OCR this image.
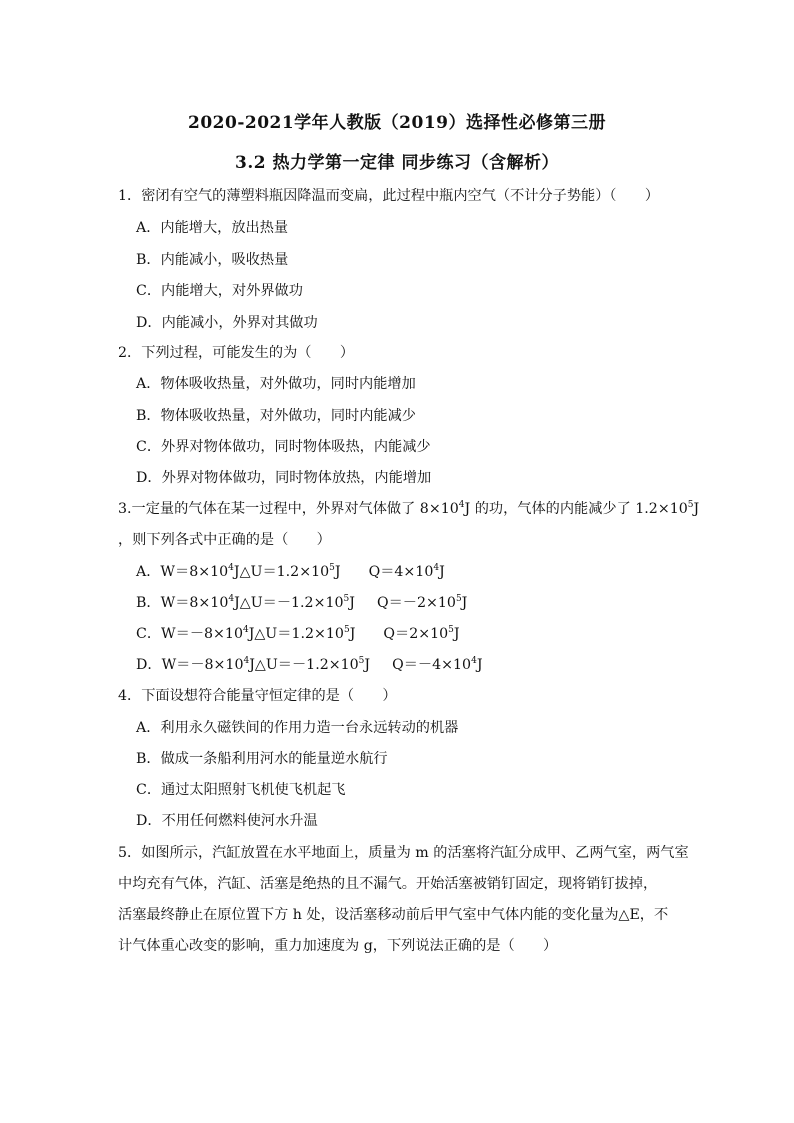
2020-2021学年人教版（2019）选择性必修第三册
3.2 热力学第一定律 同步练习（含解析）
1．密闭有空气的薄塑料瓶因降温而变扁，此过程中瓶内空气（不计分子势能）（　　）
A．内能增大，放出热量
B．内能减小，吸收热量
C．内能增大，对外界做功
D．内能减小，外界对其做功
2．下列过程，可能发生的为（　　）
A．物体吸收热量，对外做功，同时内能增加
B．物体吸收热量，对外做功，同时内能减少
C．外界对物体做功，同时物体吸热，内能减少
D．外界对物体做功，同时物体放热，内能增加
3.一定量的气体在某一过程中，外界对气体做了 $8\times 10^4J$ 的功，气体的内能减少了 $1.2\times 10^5J$
，则下列各式中正确的是（　　）
A．$W=8\times 10^4J\triangle U=1.2\times 10^5J$ $Q=4\times 10^4J$
B．$W=8\times 10^4J\triangle U=-1.2\times 10^5J$ $Q=-2\times 10^5J$
C．$W=-8\times 10^4J\triangle U=1.2\times 10^5J$ $Q=2\times 10^5J$
D．$W=-8\times 10^4J\triangle U=-1.2\times 10^5J$ $Q=-4\times 10^4J$
4．下面设想符合能量守恒定律的是（　　）
A．利用永久磁铁间的作用力造一台永远转动的机器
B．做成一条船利用河水的能量逆水航行
C．通过太阳照射飞机使飞机起飞
D．不用任何燃料使河水升温
5．如图所示，汽缸放置在水平地面上，质量为 m 的活塞将汽缸分成甲、乙两气室，两气室
中均充有气体，汽缸、活塞是绝热的且不漏气。开始活塞被销钉固定，现将销钉拔掉，
活塞最终静止在原位置下方 h 处，设活塞移动前后甲气室中气体内能的变化量为△E，不
计气体重心改变的影响，重力加速度为 g，下列说法正确的是（　　）
